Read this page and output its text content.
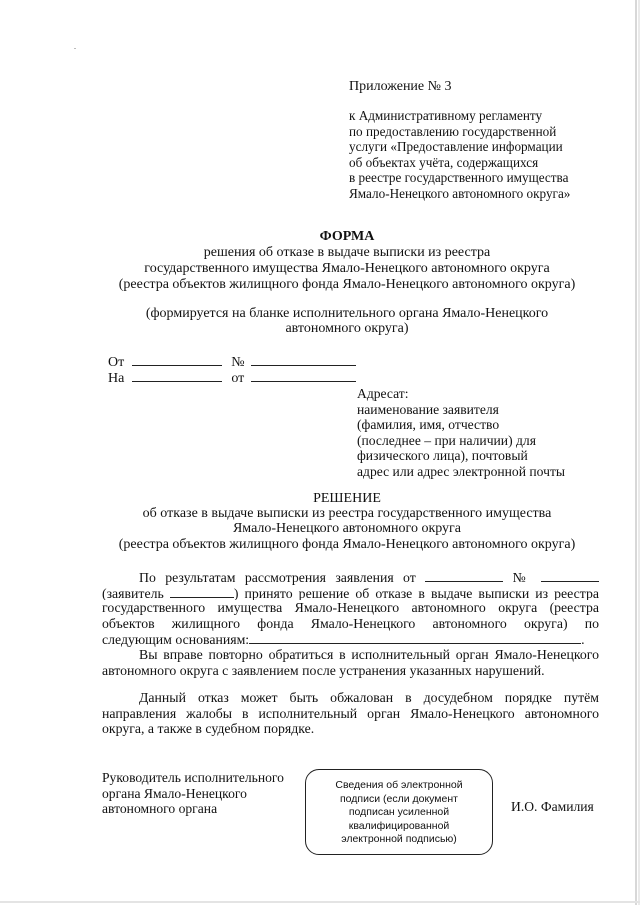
Приложение № 3
к Административному регламенту
по предоставлению государственной
услуги «Предоставление информации
об объектах учёта, содержащихся
в реестре государственного имущества
Ямало-Ненецкого автономного округа»
ФОРМА
решения об отказе в выдаче выписки из реестра
государственного имущества Ямало-Ненецкого автономного округа
(реестра объектов жилищного фонда Ямало-Ненецкого автономного округа)
(формируется на бланке исполнительного органа Ямало-Ненецкого
автономного округа)
От	№
На	от
Адресат:
наименование заявителя
(фамилия, имя, отчество
(последнее – при наличии) для
физического лица), почтовый
адрес или адрес электронной почты
РЕШЕНИЕ
об отказе в выдаче выписки из реестра государственного имущества
Ямало-Ненецкого автономного округа
(реестра объектов жилищного фонда Ямало-Ненецкого автономного округа)
По результатам рассмотрения заявления от	№
(заявитель	) принято решение об отказе в выдаче выписки из реестра
государственного имущества Ямало-Ненецкого автономного округа (реестра
объектов жилищного фонда Ямало-Ненецкого автономного округа) по
следующим основаниям:	.
Вы вправе повторно обратиться в исполнительный орган Ямало-Ненецкого автономного округа с заявлением после устранения указанных нарушений.
Данный отказ может быть обжалован в досудебном порядке путём направления жалобы в исполнительный орган Ямало-Ненецкого автономного округа, а также в судебном порядке.
Руководитель исполнительного
органа Ямало-Ненецкого
автономного органа
Сведения об электронной
подписи (если документ
подписан усиленной
квалифицированной
электронной подписью)
И.О. Фамилия
